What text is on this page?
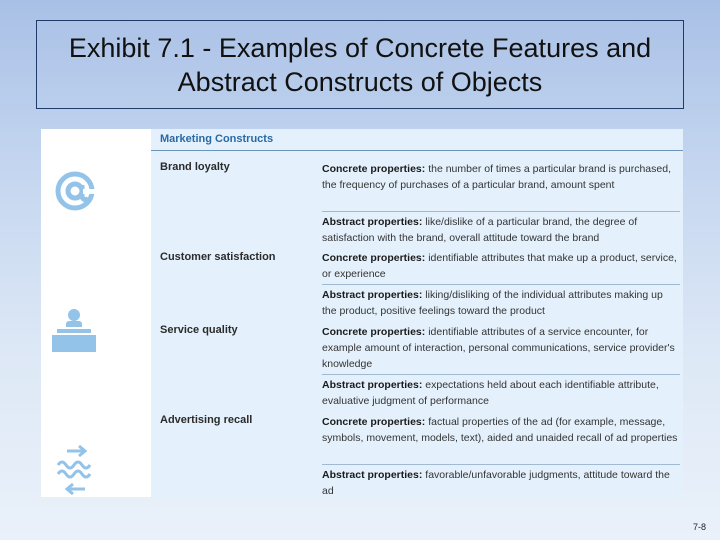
Exhibit 7.1 - Examples of Concrete Features and
Abstract Constructs of Objects
Marketing Constructs
Brand loyalty	Concrete properties: the number of times a particular brand is purchased, the frequency of purchases of a particular brand, amount spent
Abstract properties: like/dislike of a particular brand, the degree of satisfaction with the brand, overall attitude toward the brand
Customer satisfaction	Concrete properties: identifiable attributes that make up a product, service, or experience
Abstract properties: liking/disliking of the individual attributes making up the product, positive feelings toward the product
Service quality	Concrete properties: identifiable attributes of a service encounter, for example amount of interaction, personal communications, service provider's knowledge
Abstract properties: expectations held about each identifiable attribute, evaluative judgment of performance
Advertising recall	Concrete properties: factual properties of the ad (for example, message, symbols, movement, models, text), aided and unaided recall of ad properties
Abstract properties: favorable/unfavorable judgments, attitude toward the ad
7-8
